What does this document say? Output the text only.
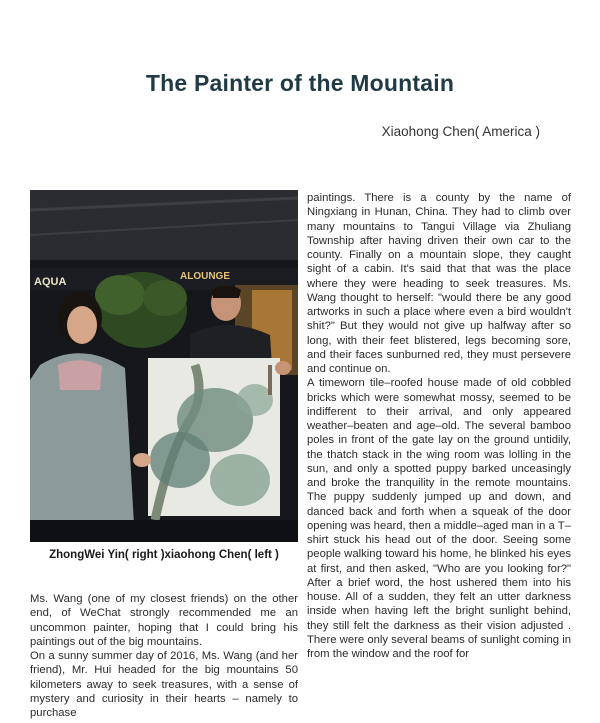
The Painter of the Mountain
Xiaohong Chen( America )
AQUA	ALOUNGE
ZhongWei Yin( right )xiaohong Chen( left )

Ms. Wang (one of my closest friends) on the other end, of WeChat strongly recommended me an uncommon painter, hoping that I could bring his paintings out of the big mountains.

On a sunny summer day of 2016, Ms. Wang (and her friend), Mr. Hui headed for the big mountains 50 kilometers away to seek treasures, with a sense of mystery and curiosity in their hearts – namely to purchase

paintings. There is a county by the name of Ningxiang in Hunan, China. They had to climb over many mountains to Tangui Village via Zhuliang Township after having driven their own car to the county. Finally on a mountain slope, they caught sight of a cabin. It's said that that was the place where they were heading to seek treasures. Ms. Wang thought to herself: "would there be any good artworks in such a place where even a bird wouldn't shit?" But they would not give up halfway after so long, with their feet blistered, legs becoming sore, and their faces sunburned red, they must persevere and continue on.

A timeworn tile–roofed house made of old cobbled bricks which were somewhat mossy, seemed to be indifferent to their arrival, and only appeared weather–beaten and age–old. The several bamboo poles in front of the gate lay on the ground untidily, the thatch stack in the wing room was lolling in the sun, and only a spotted puppy barked unceasingly and broke the tranquility in the remote mountains. The puppy suddenly jumped up and down, and danced back and forth when a squeak of the door opening was heard, then a middle–aged man in a T–shirt stuck his head out of the door. Seeing some people walking toward his home, he blinked his eyes at first, and then asked, "Who are you looking for?" After a brief word, the host ushered them into his house. All of a sudden, they felt an utter darkness inside when having left the bright sunlight behind, they still felt the darkness as their vision adjusted . There were only several beams of sunlight coming in from the window and the roof for
